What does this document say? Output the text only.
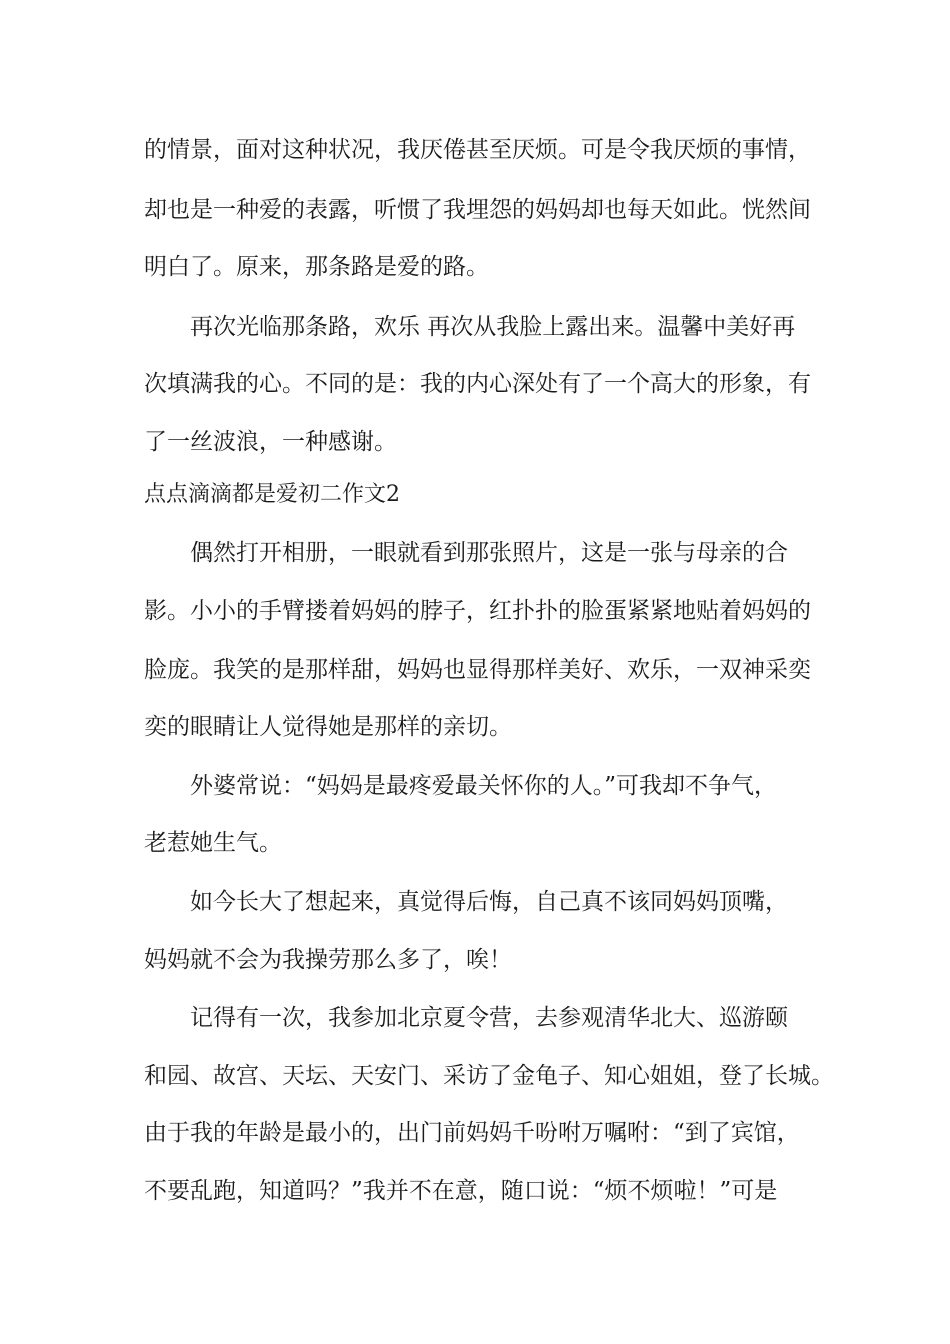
的情景，面对这种状况，我厌倦甚至厌烦。可是令我厌烦的事情，
却也是一种爱的表露，听惯了我埋怨的妈妈却也每天如此。恍然间
明白了。原来，那条路是爱的路。
　　再次光临那条路，欢乐 再次从我脸上露出来。温馨中美好再
次填满我的心。不同的是：我的内心深处有了一个高大的形象，有
了一丝波浪，一种感谢。
点点滴滴都是爱初二作文2
　　偶然打开相册，一眼就看到那张照片，这是一张与母亲的合
影。小小的手臂搂着妈妈的脖子，红扑扑的脸蛋紧紧地贴着妈妈的
脸庞。我笑的是那样甜，妈妈也显得那样美好、欢乐，一双神采奕
奕的眼睛让人觉得她是那样的亲切。
　　外婆常说：“妈妈是最疼爱最关怀你的人。”可我却不争气，
老惹她生气。
　　如今长大了想起来，真觉得后悔，自己真不该同妈妈顶嘴，
妈妈就不会为我操劳那么多了，唉！
　　记得有一次，我参加北京夏令营，去参观清华北大、巡游颐
和园、故宫、天坛、天安门、采访了金龟子、知心姐姐，登了长城。
由于我的年龄是最小的，出门前妈妈千吩咐万嘱咐：“到了宾馆，
不要乱跑，知道吗？”我并不在意，随口说：“烦不烦啦！”可是
